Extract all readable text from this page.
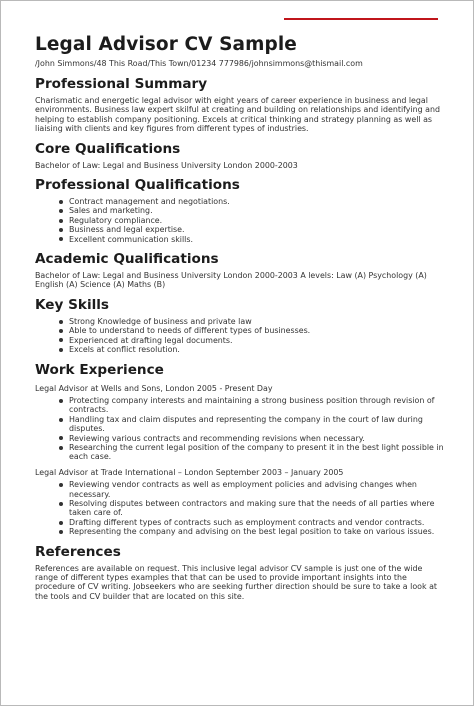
Legal Advisor CV Sample
/John Simmons/48 This Road/This Town/01234 777986/johnsimmons@thismail.com
Professional Summary

Charismatic and energetic legal advisor with eight years of career experience in business and legal environments. Business law expert skilful at creating and building on relationships and identifying and helping to establish company positioning. Excels at critical thinking and strategy planning as well as liaising with clients and key figures from different types of industries.

Core Qualifications

Bachelor of Law: Legal and Business University London 2000-2003

Professional Qualifications
Contract management and negotiations.
Sales and marketing.
Regulatory compliance.
Business and legal expertise.
Excellent communication skills.
Academic Qualifications

Bachelor of Law: Legal and Business University London 2000-2003 A levels: Law (A) Psychology (A) English (A) Science (A) Maths (B)

Key Skills
Strong Knowledge of business and private law
Able to understand to needs of different types of businesses.
Experienced at drafting legal documents.
Excels at conflict resolution.
Work Experience

Legal Advisor at Wells and Sons, London 2005 - Present Day

Protecting company interests and maintaining a strong business position through revision of contracts.
Handling tax and claim disputes and representing the company in the court of law during disputes.
Reviewing various contracts and recommending revisions when necessary.
Researching the current legal position of the company to present it in the best light possible in each case.

Legal Advisor at Trade International – London September 2003 – January 2005

Reviewing vendor contracts as well as employment policies and advising changes when necessary.
Resolving disputes between contractors and making sure that the needs of all parties where taken care of.
Drafting different types of contracts such as employment contracts and vendor contracts.
Representing the company and advising on the best legal position to take on various issues.
References

References are available on request. This inclusive legal advisor CV sample is just one of the wide range of different types examples that that can be used to provide important insights into the procedure of CV writing. Jobseekers who are seeking further direction should be sure to take a look at the tools and CV builder that are located on this site.
